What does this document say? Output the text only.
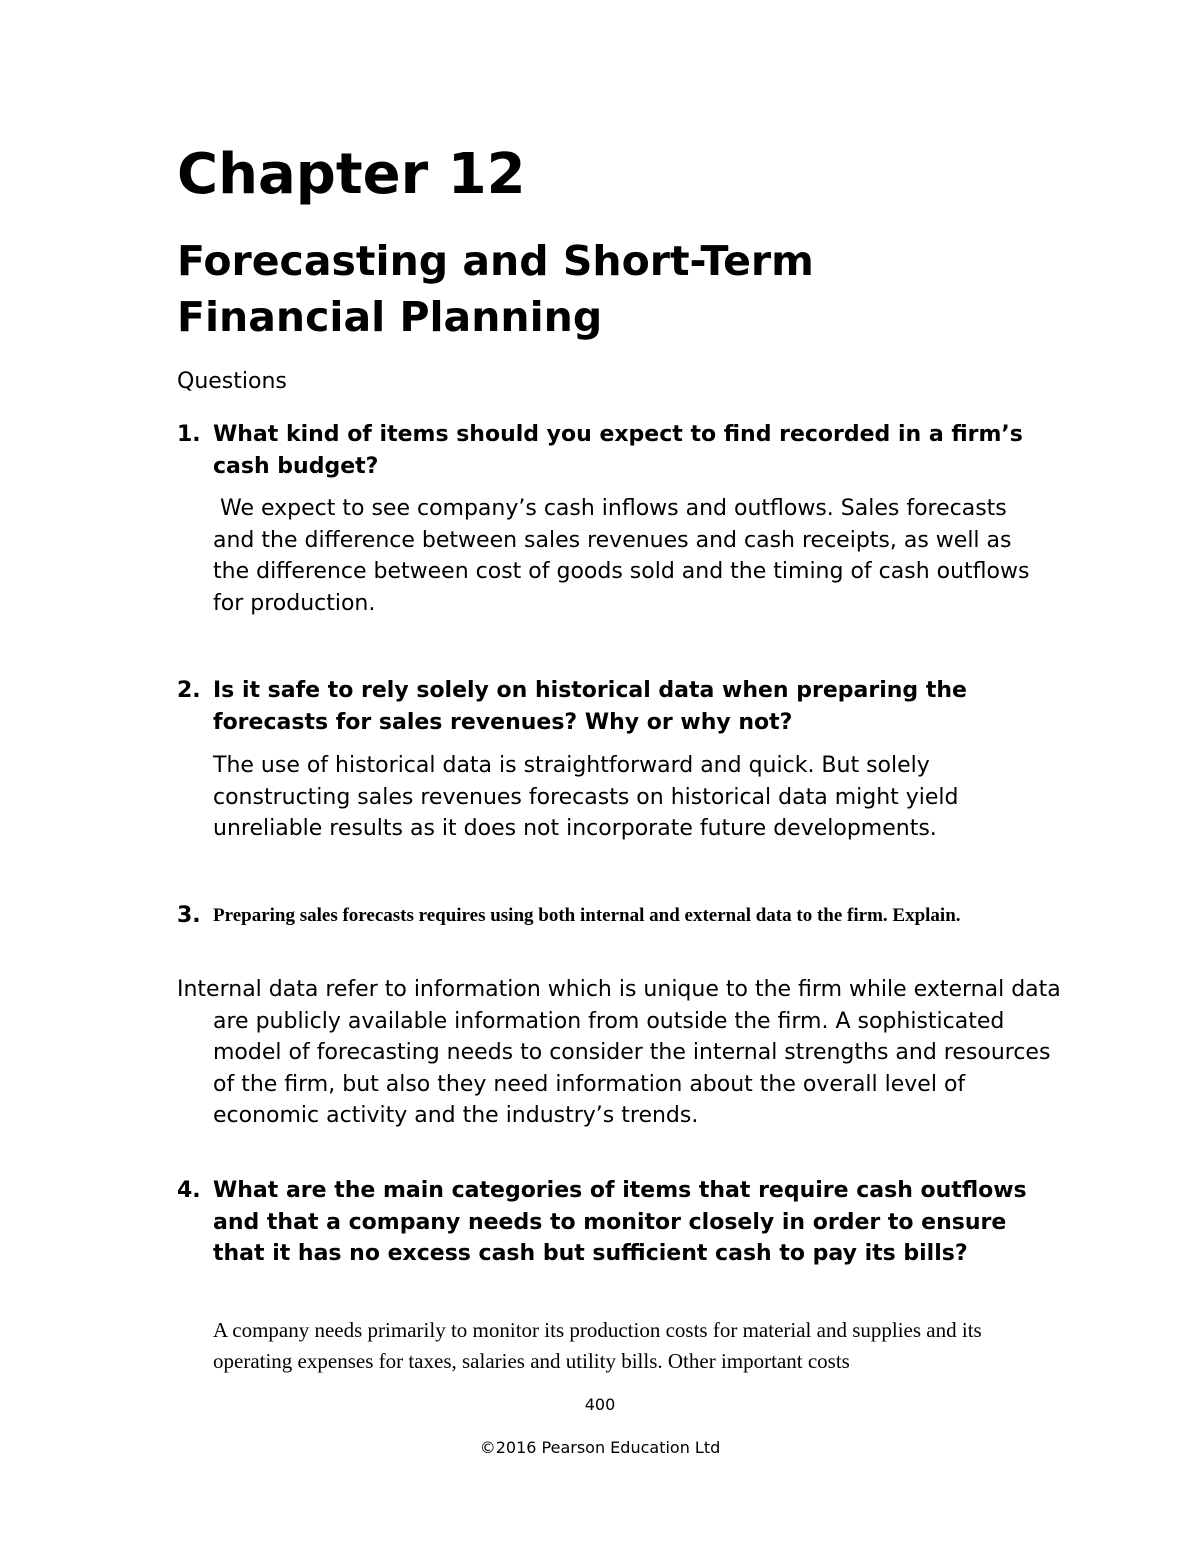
Chapter 12
Forecasting and Short-Term
Financial Planning

Questions

1. What kind of items should you expect to find recorded in a firm’s cash budget?

We expect to see company’s cash inflows and outflows. Sales forecasts and the difference between sales revenues and cash receipts, as well as the difference between cost of goods sold and the timing of cash outflows for production.

2. Is it safe to rely solely on historical data when preparing the forecasts for sales revenues? Why or why not?

The use of historical data is straightforward and quick. But solely constructing sales revenues forecasts on historical data might yield unreliable results as it does not incorporate future developments.

3. Preparing sales forecasts requires using both internal and external data to the firm. Explain.

Internal data refer to information which is unique to the firm while external data are publicly available information from outside the firm. A sophisticated model of forecasting needs to consider the internal strengths and resources of the firm, but also they need information about the overall level of economic activity and the industry’s trends.

4. What are the main categories of items that require cash outflows and that a company needs to monitor closely in order to ensure that it has no excess cash but sufficient cash to pay its bills?

A company needs primarily to monitor its production costs for material and supplies and its operating expenses for taxes, salaries and utility bills. Other important costs

400
©2016 Pearson Education Ltd
